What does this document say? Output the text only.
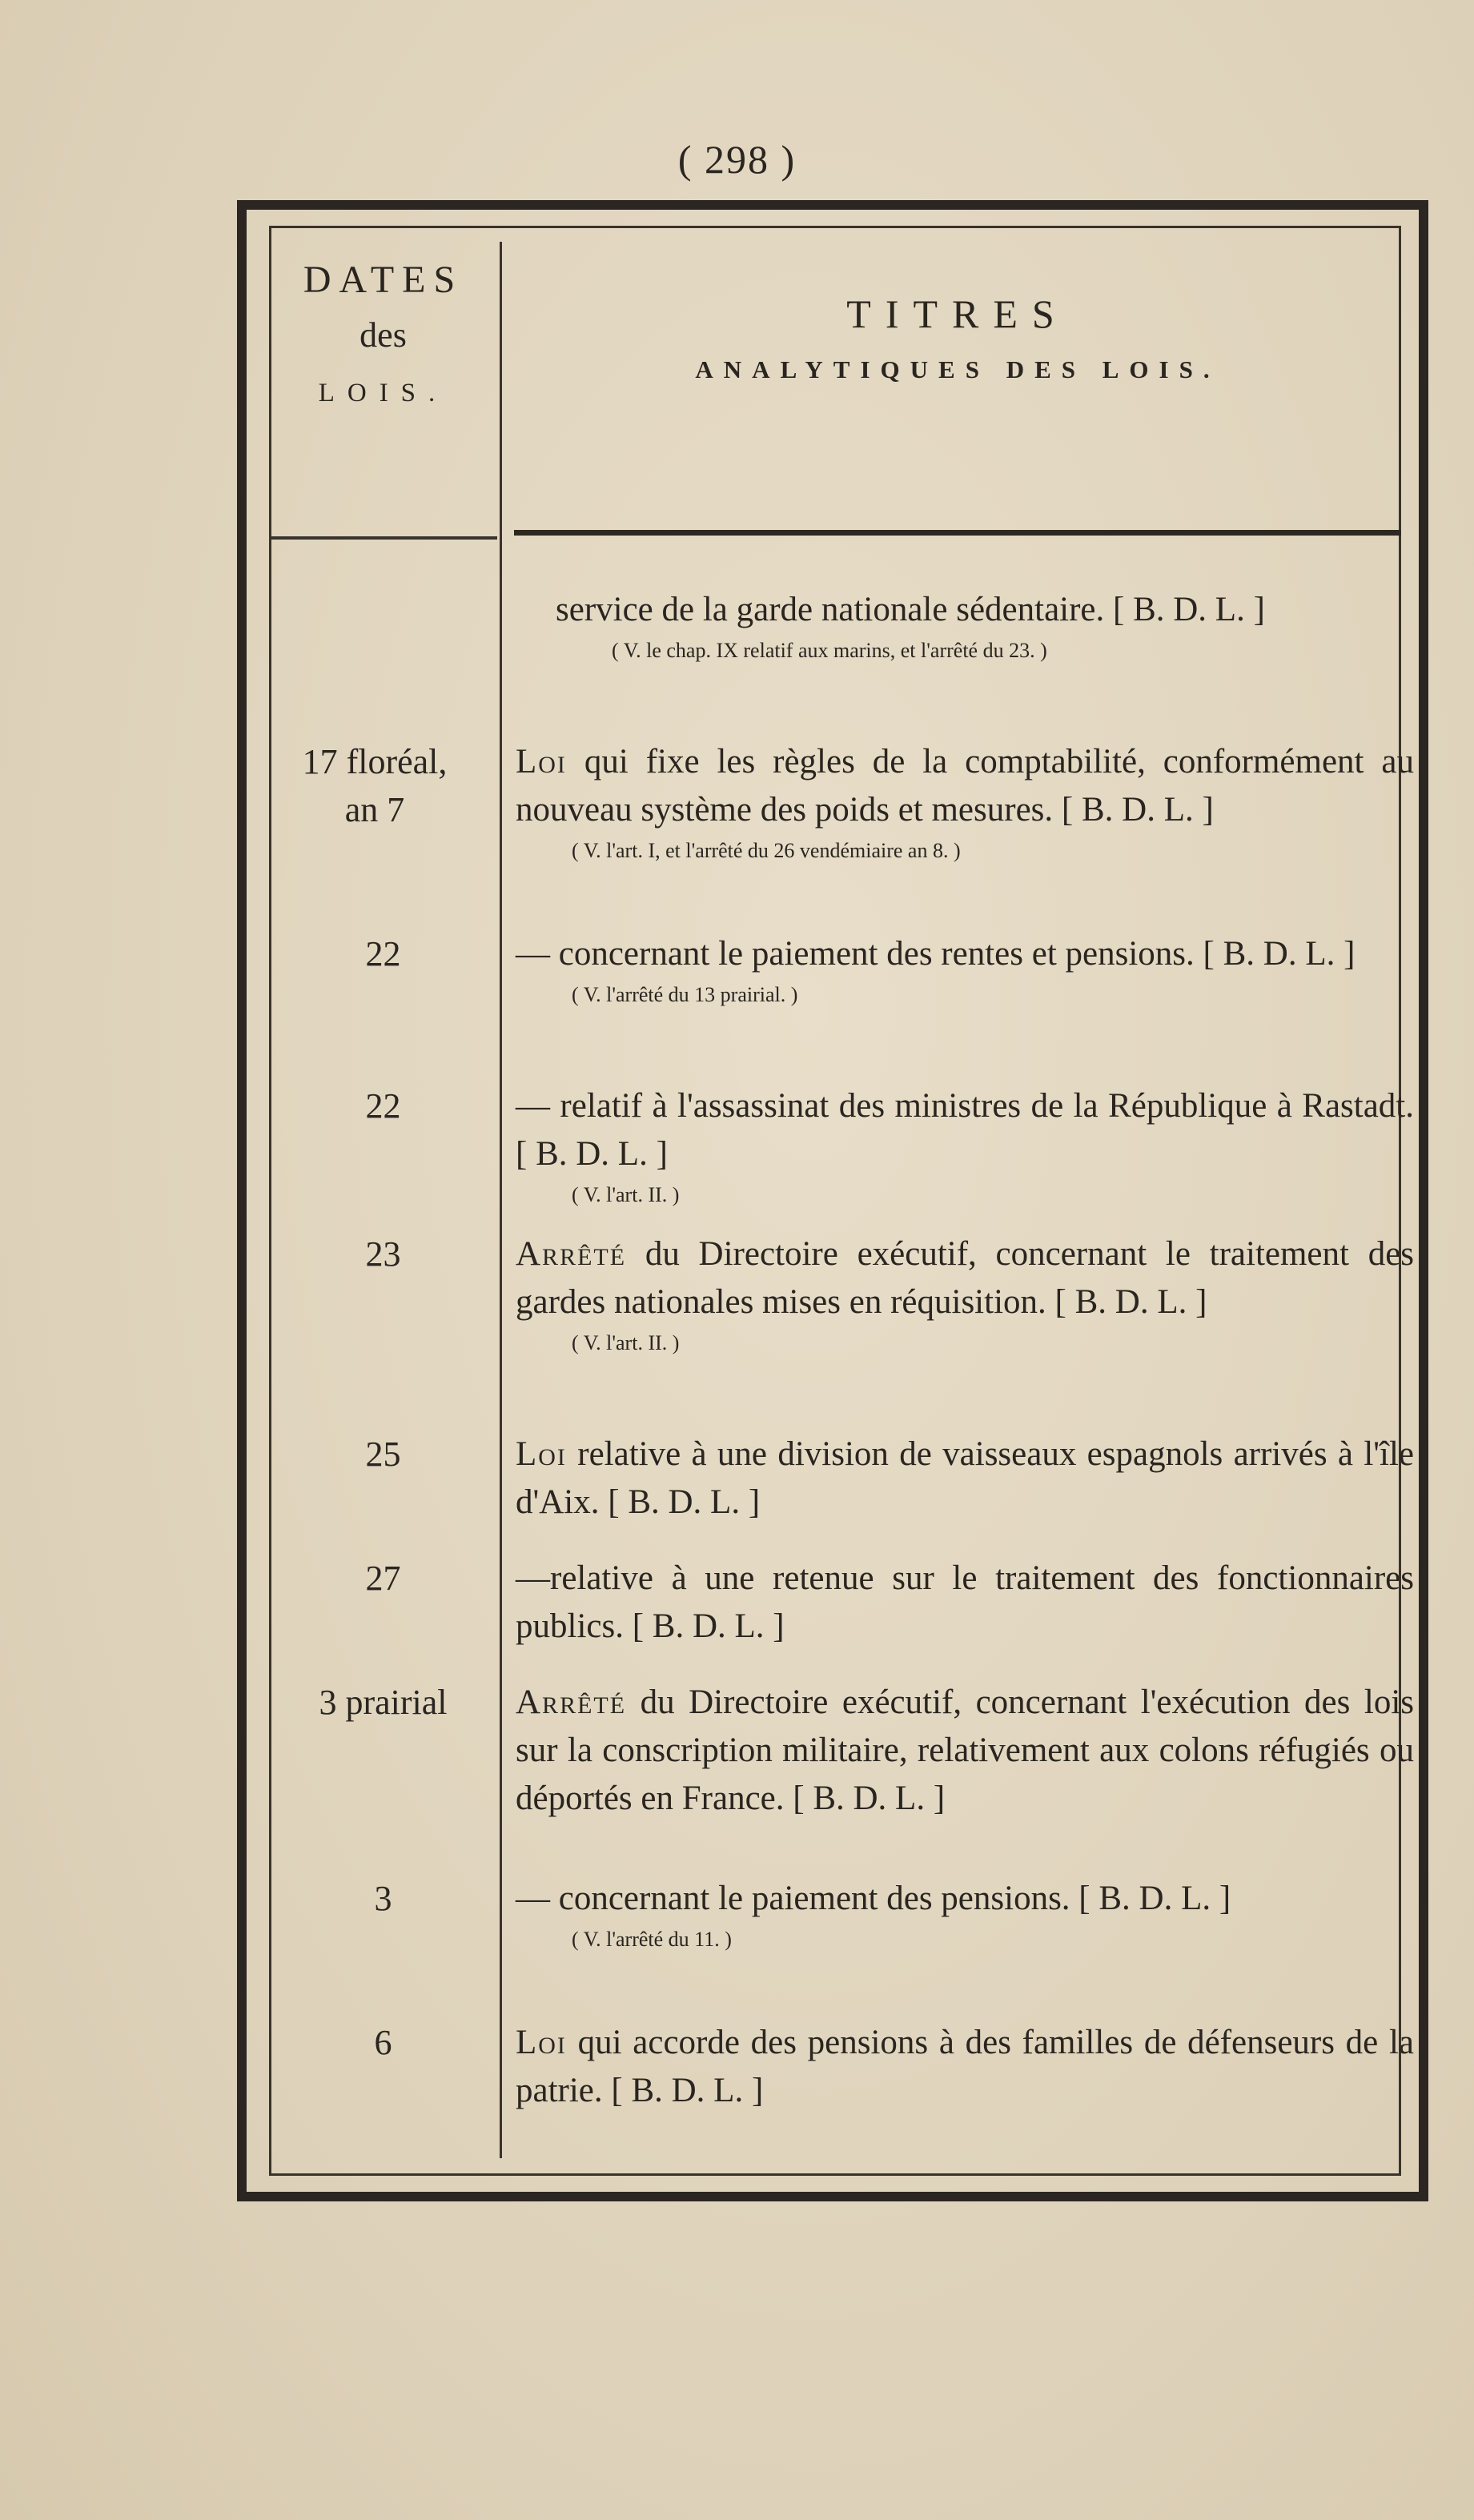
( 298 )
DATES
des
LOIS.
TITRES
ANALYTIQUES DES LOIS.
service de la garde nationale sédentaire. [ B. D. L. ]
( V. le chap. IX relatif aux marins, et l'arrêté du 23. )
17 floréal, an 7
Loi qui fixe les règles de la comptabilité, conformément au nouveau système des poids et mesures. [ B. D. L. ]
( V. l'art. I, et l'arrêté du 26 vendémiaire an 8. )
22	— concernant le paiement des rentes et pensions. [ B. D. L. ]
( V. l'arrêté du 13 prairial. )
22	— relatif à l'assassinat des ministres de la République à Rastadt. [ B. D. L. ]
( V. l'art. II. )
23	Arrêté du Directoire exécutif, concernant le traitement des gardes nationales mises en réquisition. [ B. D. L. ]
( V. l'art. II. )
25	Loi relative à une division de vaisseaux espagnols arrivés à l'île d'Aix. [ B. D. L. ]
27	—relative à une retenue sur le traitement des fonctionnaires publics. [ B. D. L. ]
3 prairial	Arrêté du Directoire exécutif, concernant l'exécution des lois sur la conscription militaire, relativement aux colons réfugiés ou déportés en France. [ B. D. L. ]
3	— concernant le paiement des pensions. [ B. D. L. ]
( V. l'arrêté du 11. )
6	Loi qui accorde des pensions à des familles de défenseurs de la patrie. [ B. D. L. ]
